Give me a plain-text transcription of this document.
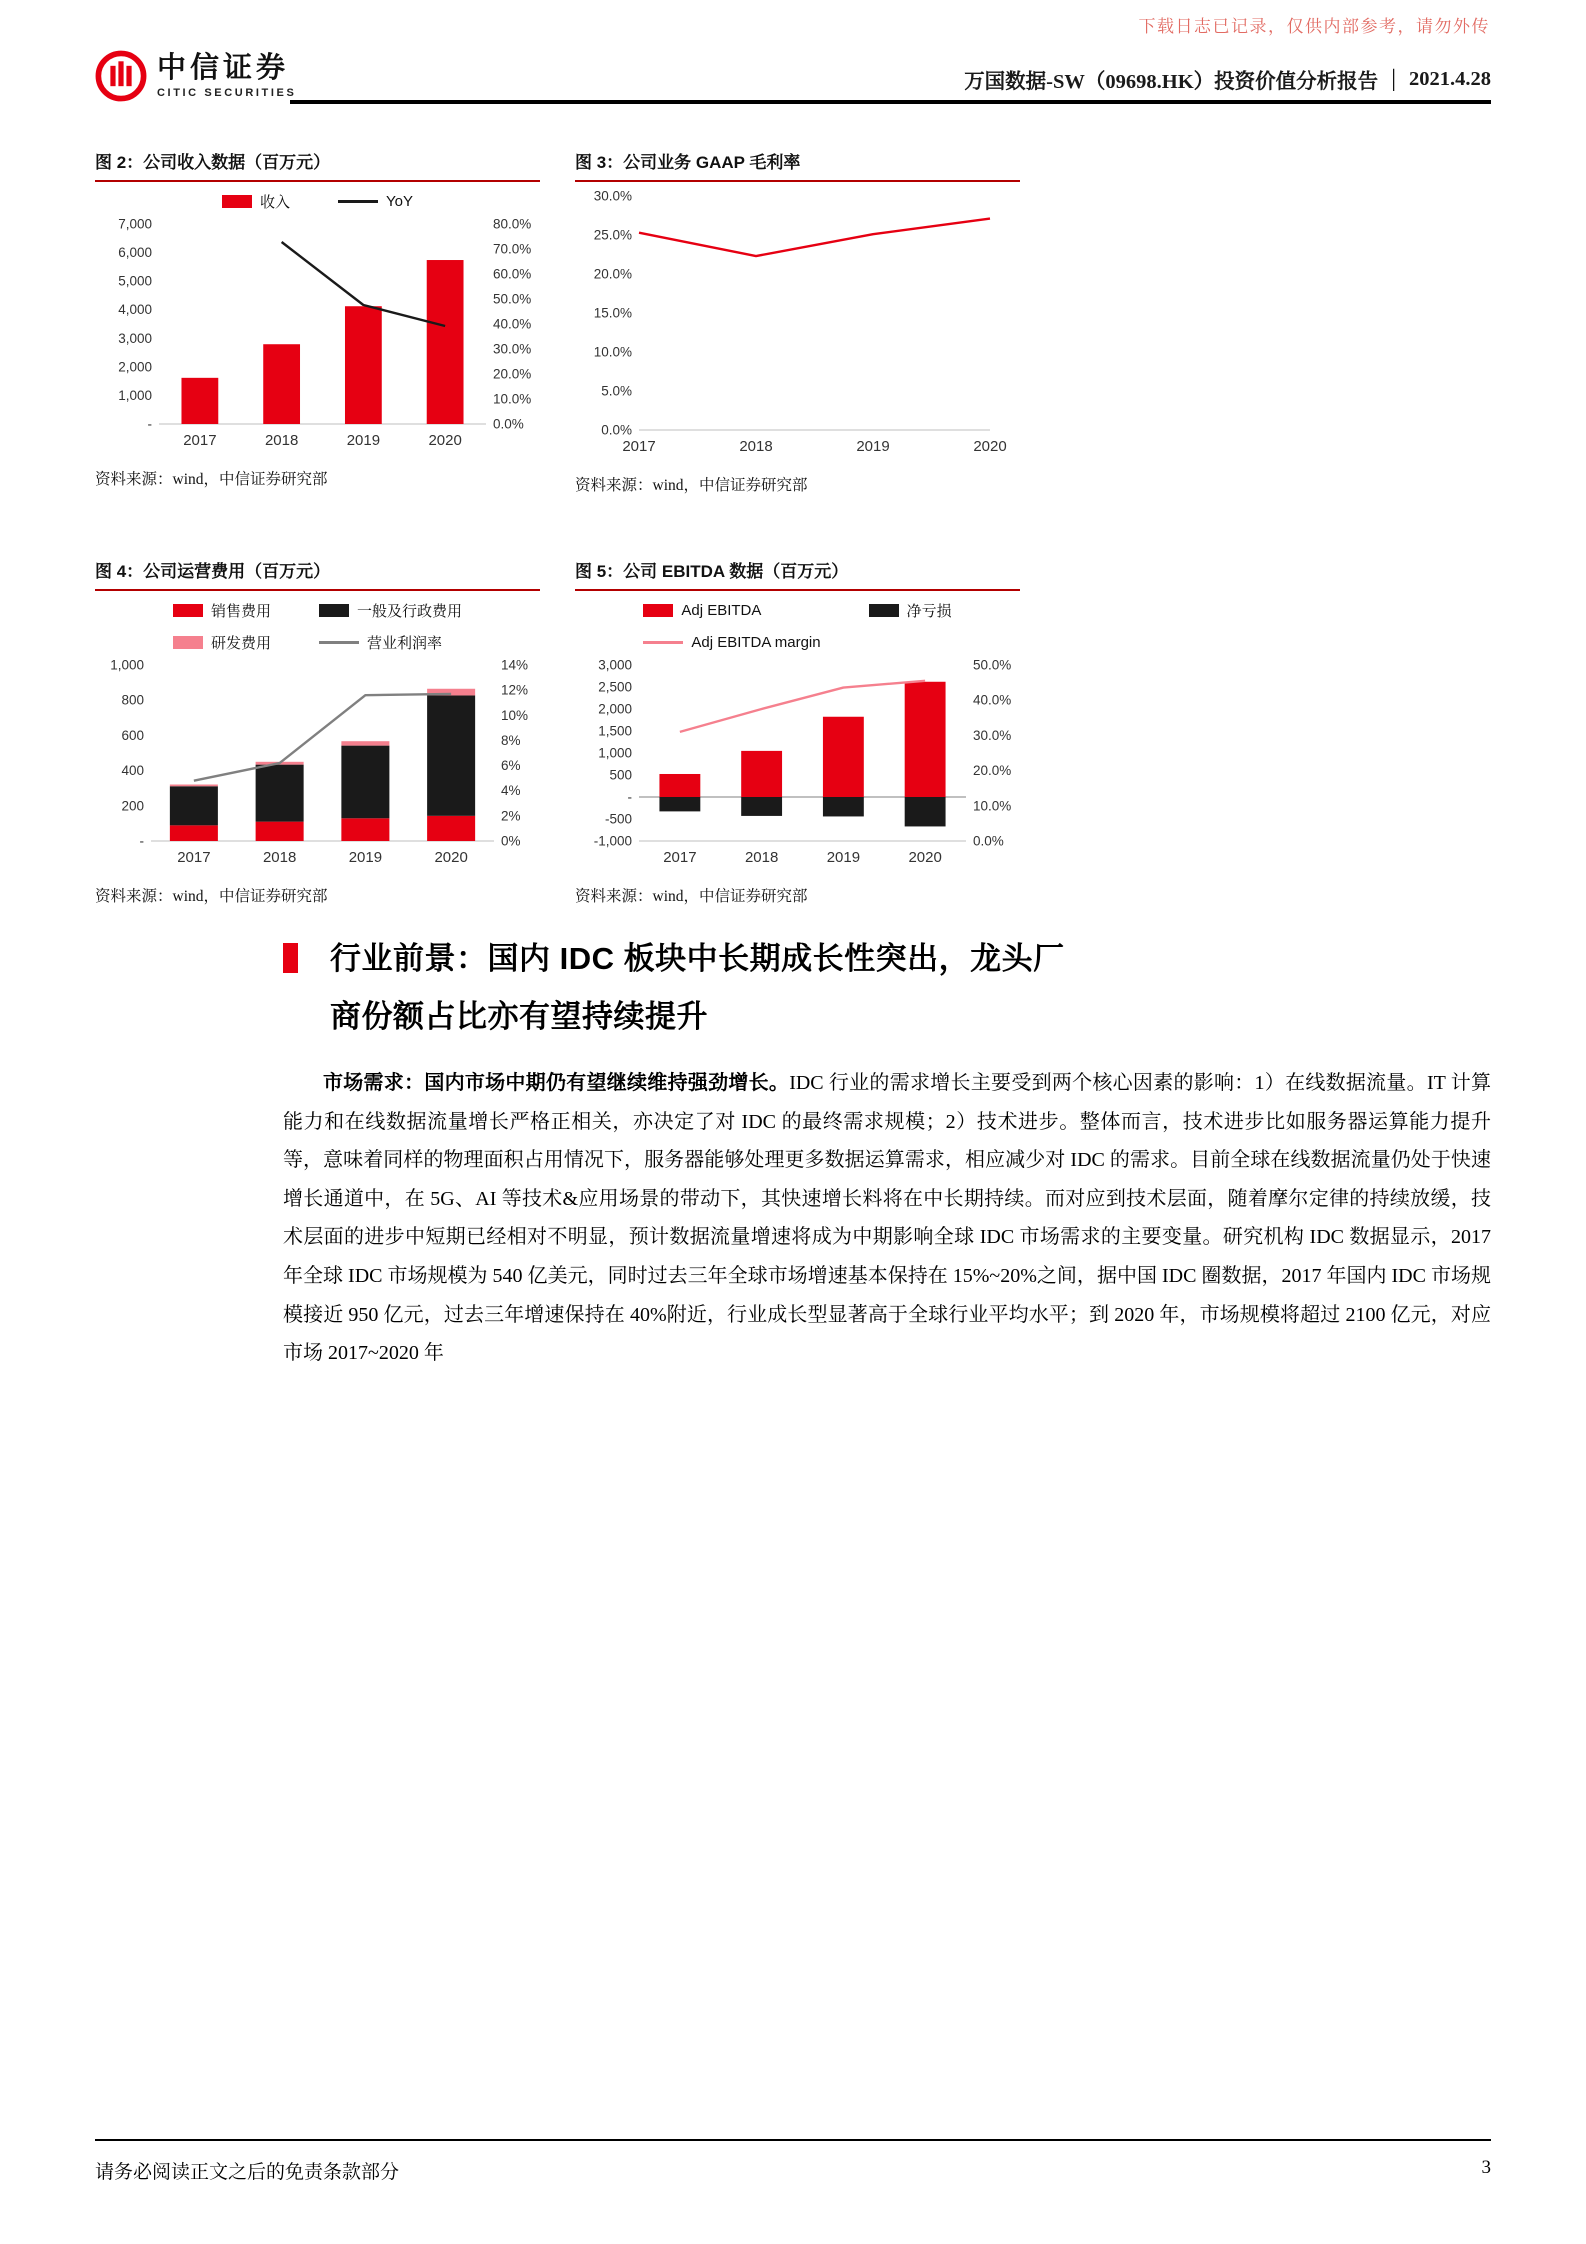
下载日志已记录，仅供内部参考，请勿外传
中信证券
CITIC SECURITIES	万国数据-SW（09698.HK）投资价值分析报告 | 2021.4.28
图 2：公司收入数据（百万元）
收入	YoY
-
1,000
2,000
3,000
4,000
5,000
6,000
7,000
0.0%
10.0%
20.0%
30.0%
40.0%
50.0%
60.0%
70.0%
80.0%
2017	2018	2019	2020
资料来源：wind，中信证券研究部
图 3：公司业务 GAAP 毛利率
0.0%
5.0%
10.0%
15.0%
20.0%
25.0%
30.0%
2017	2018	2019	2020
资料来源：wind，中信证券研究部
图 4：公司运营费用（百万元）
销售费用	一般及行政费用
研发费用	营业利润率
-
200
400
600
800
1,000
0%
2%
4%
6%
8%
10%
12%
14%
2017	2018	2019	2020
资料来源：wind，中信证券研究部
图 5：公司 EBITDA 数据（百万元）
Adj EBITDA	净亏损
Adj EBITDA margin
-1,000
-500
-
500
1,000
1,500
2,000
2,500
3,000
0.0%
10.0%
20.0%
30.0%
40.0%
50.0%
2017	2018	2019	2020
资料来源：wind，中信证券研究部
行业前景：国内 IDC 板块中长期成长性突出，龙头厂
商份额占比亦有望持续提升

市场需求：国内市场中期仍有望继续维持强劲增长。IDC 行业的需求增长主要受到两个核心因素的影响：1）在线数据流量。IT 计算能力和在线数据流量增长严格正相关，亦决定了对 IDC 的最终需求规模；2）技术进步。整体而言，技术进步比如服务器运算能力提升等，意味着同样的物理面积占用情况下，服务器能够处理更多数据运算需求，相应减少对 IDC 的需求。目前全球在线数据流量仍处于快速增长通道中，在 5G、AI 等技术&应用场景的带动下，其快速增长料将在中长期持续。而对应到技术层面，随着摩尔定律的持续放缓，技术层面的进步中短期已经相对不明显，预计数据流量增速将成为中期影响全球 IDC 市场需求的主要变量。研究机构 IDC 数据显示，2017 年全球 IDC 市场规模为 540 亿美元，同时过去三年全球市场增速基本保持在 15%~20%之间，据中国 IDC 圈数据，2017 年国内 IDC 市场规模接近 950 亿元，过去三年增速保持在 40%附近，行业成长型显著高于全球行业平均水平；到 2020 年，市场规模将超过 2100 亿元，对应市场 2017~2020 年

请务必阅读正文之后的免责条款部分	3
